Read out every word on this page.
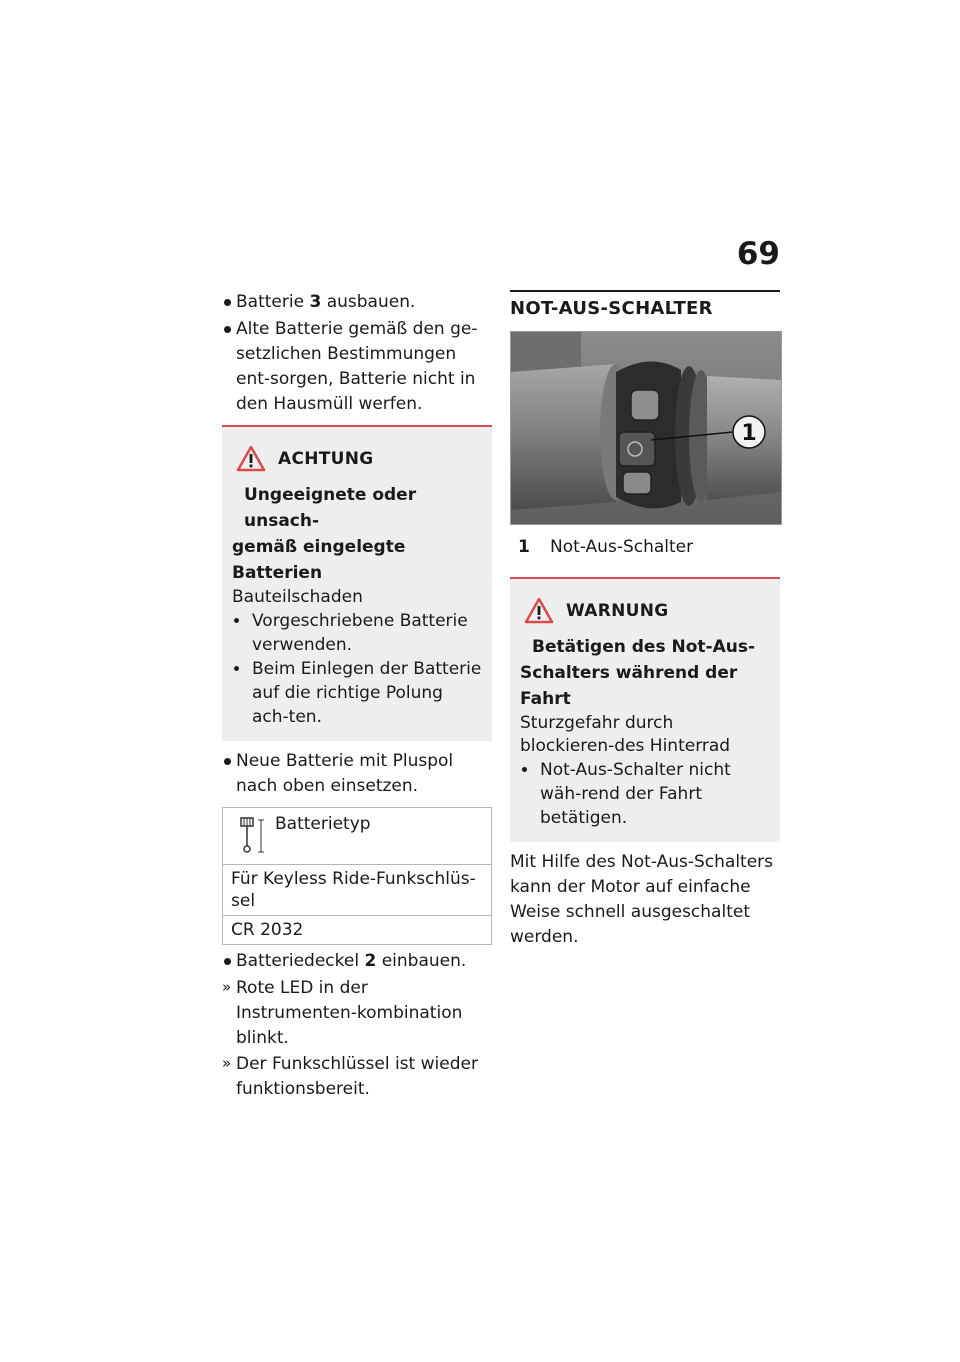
69
Batterie 3 ausbauen.
Alte Batterie gemäß den ge-setzlichen Bestimmungen ent-sorgen, Batterie nicht in den Hausmüll werfen.
ACHTUNG
Ungeeignete oder unsach-
gemäß eingelegte Batterien
Bauteilschaden
Vorgeschriebene Batterie verwenden.
Beim Einlegen der Batterie auf die richtige Polung ach-ten.
Neue Batterie mit Pluspol nach oben einsetzen.
Batterietyp
Für Keyless Ride-Funkschlüs-sel
CR 2032
Batteriedeckel 2 einbauen.
» Rote LED in der Instrumenten-kombination blinkt.
» Der Funkschlüssel ist wieder funktionsbereit.
NOT-AUS-SCHALTER
1
1	Not-Aus-Schalter
WARNUNG
Betätigen des Not-Aus-
Schalters während der Fahrt
Sturzgefahr durch blockieren-des Hinterrad
Not-Aus-Schalter nicht wäh-rend der Fahrt betätigen.
Mit Hilfe des Not-Aus-Schalters kann der Motor auf einfache Weise schnell ausgeschaltet werden.
